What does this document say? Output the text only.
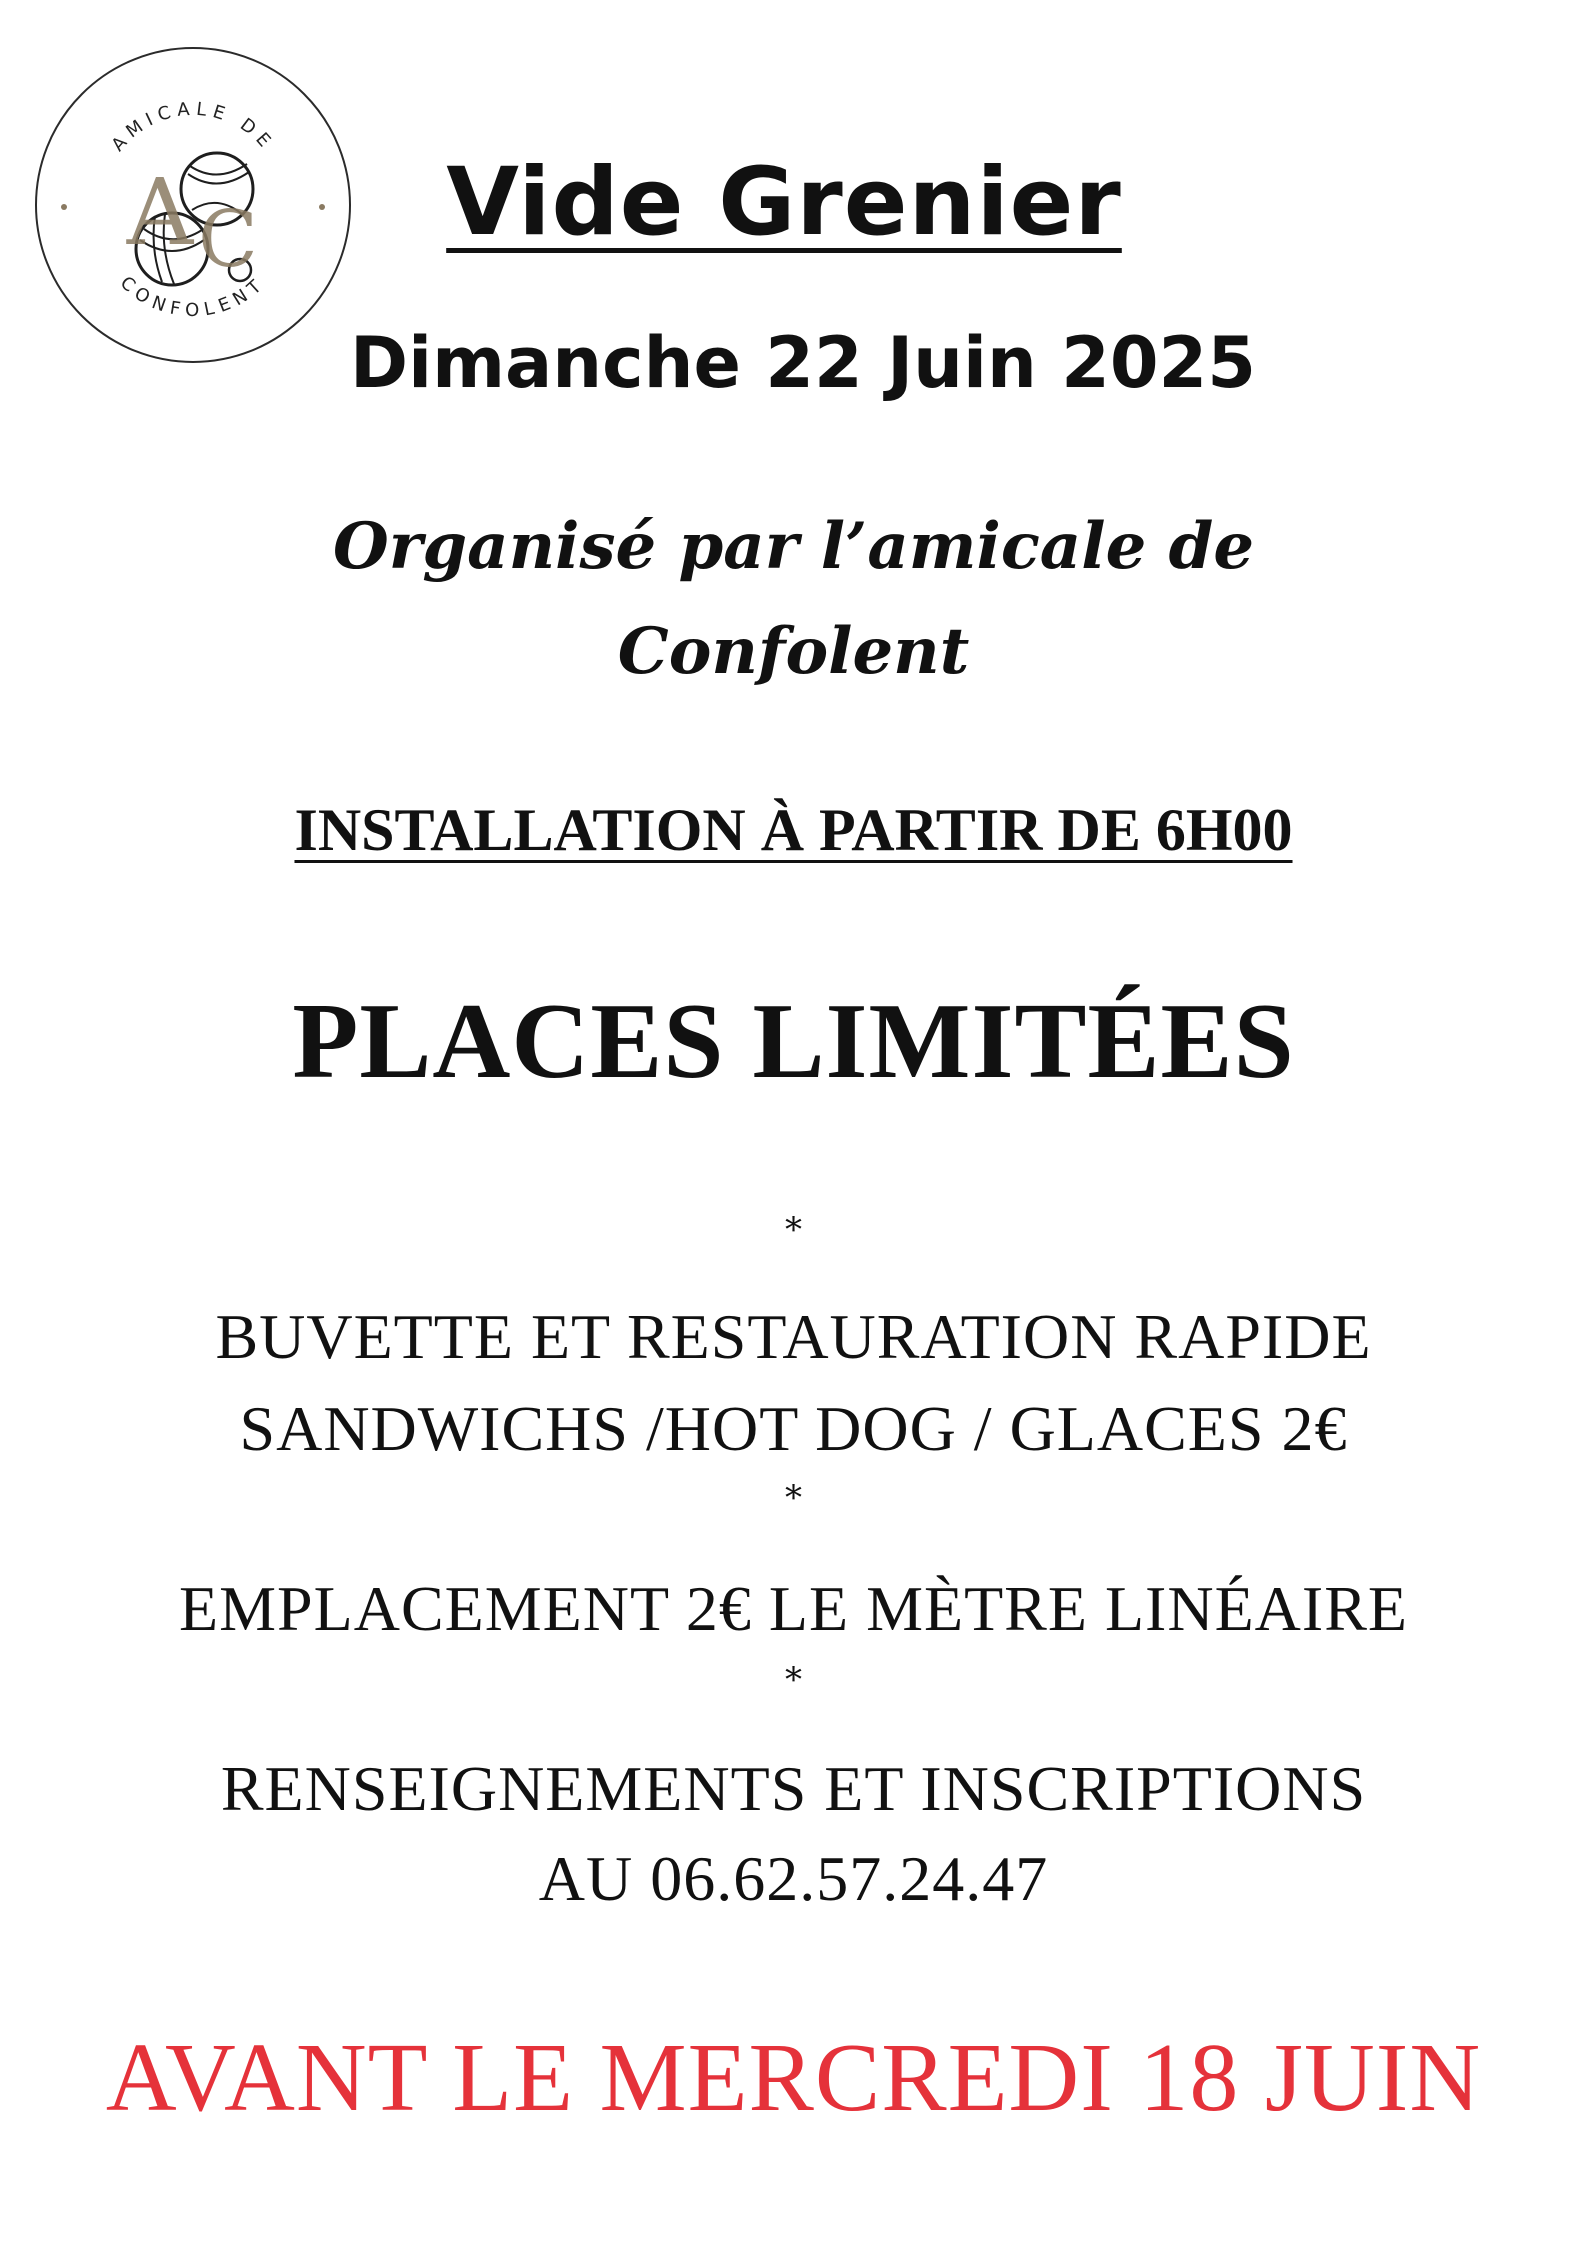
AMICALE DE
CONFOLENT
A C	Vide Grenier
Dimanche 22 Juin 2025
Organisé par l’amicale de
Confolent
INSTALLATION À PARTIR DE 6H00
PLACES LIMITÉES
*
BUVETTE ET RESTAURATION RAPIDE
SANDWICHS /HOT DOG / GLACES 2€
*
EMPLACEMENT 2€ LE MÈTRE LINÉAIRE
*
RENSEIGNEMENTS ET INSCRIPTIONS
AU 06.62.57.24.47
AVANT LE MERCREDI 18 JUIN
